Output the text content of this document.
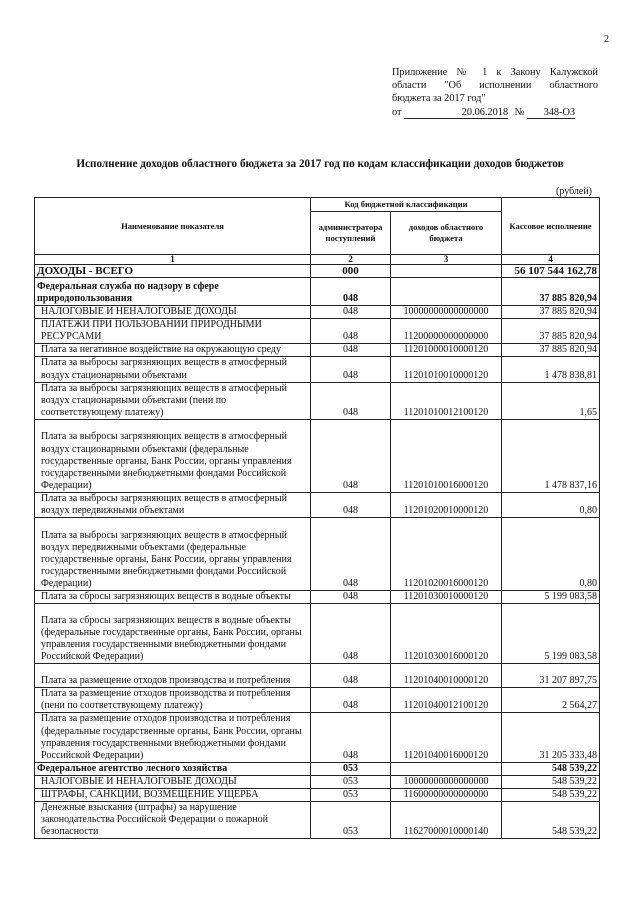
2
Приложение № 1 к Закону Калужской
области "Об исполнении областного
бюджета за 2017 год"
от	20.06.2018 № 348-ОЗ
Исполнение доходов областного бюджета за 2017 год по кодам классификации доходов бюджетов
(рублей)
Наименование показателя	Код бюджетной классификации		Кассовое исполнение
	администратора поступлений	доходов областного бюджета	
1	2	3	4
ДОХОДЫ - ВСЕГО	000		56 107 544 162,78
Федеральная служба по надзору в сфере природопользования	048		37 885 820,94
НАЛОГОВЫЕ И НЕНАЛОГОВЫЕ ДОХОДЫ	048	10000000000000000	37 885 820,94
ПЛАТЕЖИ ПРИ ПОЛЬЗОВАНИИ ПРИРОДНЫМИ РЕСУРСАМИ	048	11200000000000000	37 885 820,94
Плата за негативное воздействие на окружающую среду	048	11201000010000120	37 885 820,94
Плата за выбросы загрязняющих веществ в атмосферный воздух стационарными объектами	048	11201010010000120	1 478 838,81
Плата за выбросы загрязняющих веществ в атмосферный воздух стационарными объектами (пени по соответствующему платежу)	048	11201010012100120	1,65
Плата за выбросы загрязняющих веществ в атмосферный воздух стационарными объектами (федеральные государственные органы, Банк России, органы управления государственными внебюджетными фондами Российской Федерации)	048	11201010016000120	1 478 837,16
Плата за выбросы загрязняющих веществ в атмосферный воздух передвижными объектами	048	11201020010000120	0,80
Плата за выбросы загрязняющих веществ в атмосферный воздух передвижными объектами (федеральные государственные органы, Банк России, органы управления государственными внебюджетными фондами Российской Федерации)	048	11201020016000120	0,80
Плата за сбросы загрязняющих веществ в водные объекты	048	11201030010000120	5 199 083,58
Плата за сбросы загрязняющих веществ в водные объекты (федеральные государственные органы, Банк России, органы управления государственными внебюджетными фондами Российской Федерации)	048	11201030016000120	5 199 083,58
Плата за размещение отходов производства и потребления	048	11201040010000120	31 207 897,75
Плата за размещение отходов производства и потребления (пени по соответствующему платежу)	048	11201040012100120	2 564,27
Плата за размещение отходов производства и потребления (федеральные государственные органы, Банк России, органы управления государственными внебюджетными фондами Российской Федерации)	048	11201040016000120	31 205 333,48
Федеральное агентство лесного хозяйства	053		548 539,22
НАЛОГОВЫЕ И НЕНАЛОГОВЫЕ ДОХОДЫ	053	10000000000000000	548 539,22
ШТРАФЫ, САНКЦИИ, ВОЗМЕЩЕНИЕ УЩЕРБА	053	11600000000000000	548 539,22
Денежные взыскания (штрафы) за нарушение законодательства Российской Федерации о пожарной безопасности	053	11627000010000140	548 539,22
